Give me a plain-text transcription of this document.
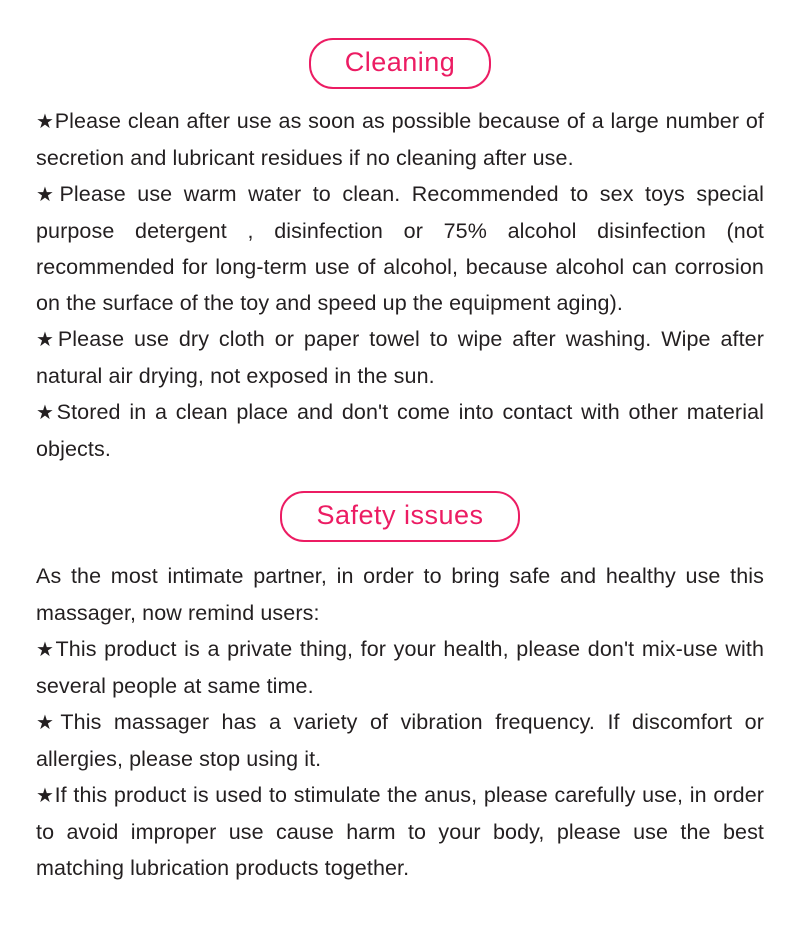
Cleaning

★Please clean after use as soon as possible because of a large number of secretion and lubricant residues if no cleaning after use.

★Please use warm water to clean. Recommended to sex toys special purpose detergent , disinfection or 75% alcohol disinfection (not recommended for long-term use of alcohol, because alcohol can corrosion on the surface of the toy and speed up the equipment aging).

★Please use dry cloth or paper towel to wipe after washing. Wipe after natural air drying, not exposed in the sun.

★Stored in a clean place and don't come into contact with other material objects.

Safety issues

As the most intimate partner, in order to bring safe and healthy use this massager, now remind users:

★This product is a private thing, for your health, please don't mix-use with several people at same time.

★This massager has a variety of vibration frequency. If discomfort or allergies, please stop using it.

★If this product is used to stimulate the anus, please carefully use, in order to avoid improper use cause harm to your body, please use the best matching lubrication products together.
